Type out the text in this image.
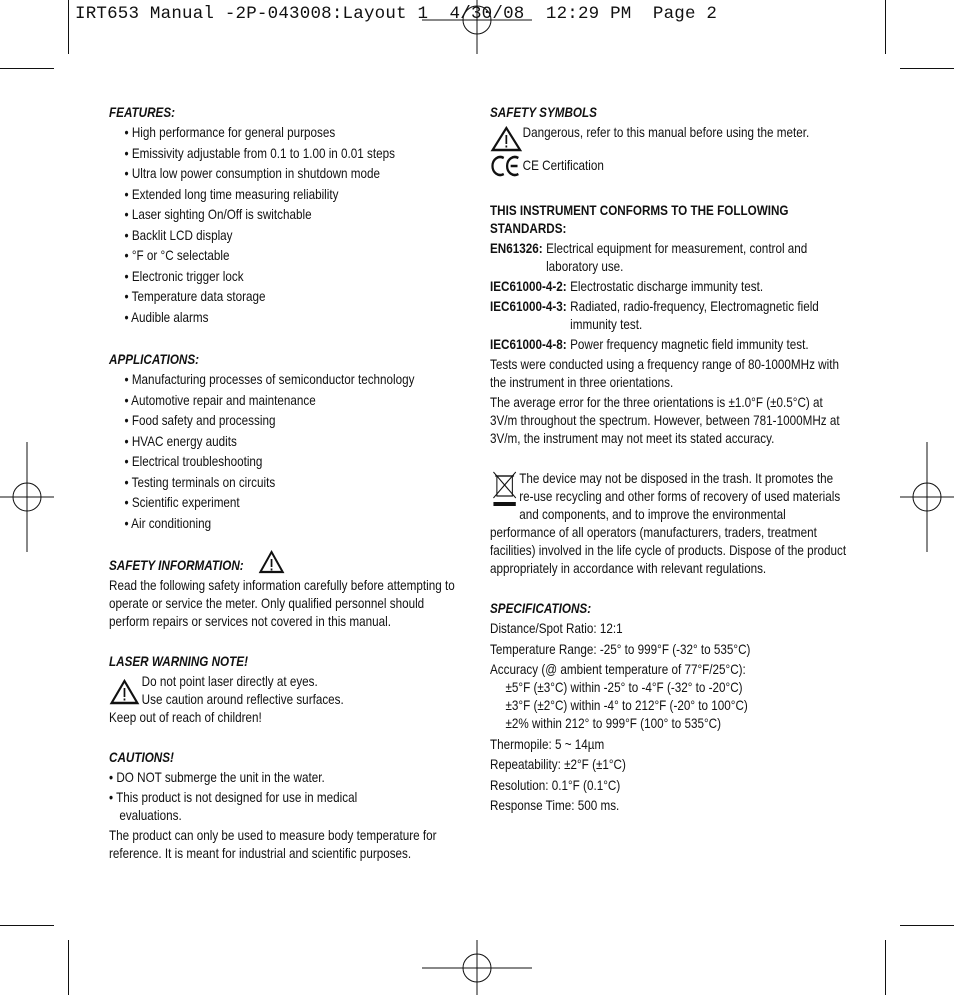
IRT653 Manual -2P-043008:Layout 1  4/30/08  12:29 PM  Page 2
FEATURES:
• High performance for general purposes
• Emissivity adjustable from 0.1 to 1.00 in 0.01 steps
• Ultra low power consumption in shutdown mode
• Extended long time measuring reliability
• Laser sighting On/Off is switchable
• Backlit LCD display
• °F or °C selectable
• Electronic trigger lock
• Temperature data storage
• Audible alarms
APPLICATIONS:
• Manufacturing processes of semiconductor technology
• Automotive repair and maintenance
• Food safety and processing
• HVAC energy audits
• Electrical troubleshooting
• Testing terminals on circuits
• Scientific experiment
• Air conditioning
SAFETY INFORMATION:

Read the following safety information carefully before attempting to operate or service the meter. Only qualified personnel should perform repairs or services not covered in this manual.

LASER WARNING NOTE!
Do not point laser directly at eyes.
Use caution around reflective surfaces.
Keep out of reach of children!
CAUTIONS!
• DO NOT submerge the unit in the water.
• This product is not designed for use in medical
evaluations.

The product can only be used to measure body temperature for reference. It is meant for industrial and scientific purposes.

SAFETY SYMBOLS
Dangerous, refer to this manual before using the meter.
CE Certification
THIS INSTRUMENT CONFORMS TO THE FOLLOWING STANDARDS:
EN61326: Electrical equipment for measurement, control and laboratory use.
IEC61000-4-2: Electrostatic discharge immunity test.
IEC61000-4-3: Radiated, radio-frequency, Electromagnetic field immunity test.
IEC61000-4-8: Power frequency magnetic field immunity test.

Tests were conducted using a frequency range of 80-1000MHz with the instrument in three orientations.

The average error for the three orientations is ±1.0°F (±0.5°C) at 3V/m throughout the spectrum. However, between 781-1000MHz at 3V/m, the instrument may not meet its stated accuracy.

The device may not be disposed in the trash. It promotes the re-use recycling and other forms of recovery of used materials and components, and to improve the environmental performance of all operators (manufacturers, traders, treatment facilities) involved in the life cycle of products. Dispose of the product appropriately in accordance with relevant regulations.

SPECIFICATIONS:
Distance/Spot Ratio: 12:1
Temperature Range: -25° to 999°F (-32° to 535°C)
Accuracy (@ ambient temperature of 77°F/25°C):
±5°F (±3°C) within -25° to -4°F (-32° to -20°C)
±3°F (±2°C) within -4° to 212°F (-20° to 100°C)
±2% within 212° to 999°F (100° to 535°C)
Thermopile: 5 ~ 14µm
Repeatability: ±2°F (±1°C)
Resolution: 0.1°F (0.1°C)
Response Time: 500 ms.
